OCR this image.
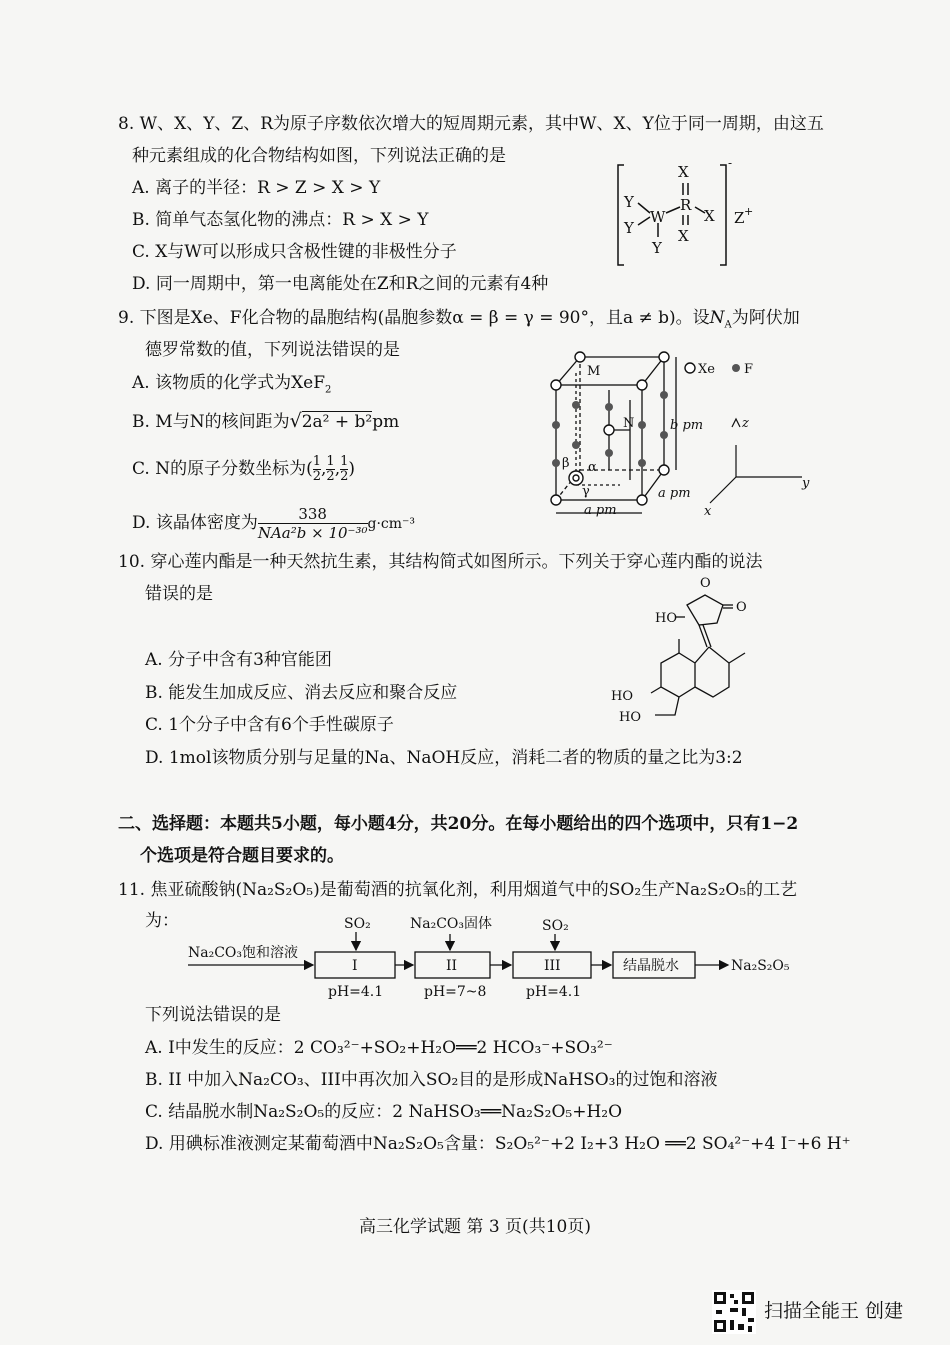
8. W、X、Y、Z、R为原子序数依次增大的短周期元素，其中W、X、Y位于同一周期，由这五
种元素组成的化合物结构如图，下列说法正确的是
A. 离子的半径：R > Z > X > Y
B. 简单气态氢化物的沸点：R > X > Y
C. X与W可以形成只含极性键的非极性分子
D. 同一周期中，第一电离能处在Z和R之间的元素有4种
X
Y
Y
W
R
X
X
Y
Z +
-
9. 下图是Xe、F化合物的晶胞结构(晶胞参数α = β = γ = 90°，且a ≠ b)。设$N_A$为阿伏加
德罗常数的值，下列说法错误的是
A. 该物质的化学式为XeF$_2$
B. M与N的核间距为√2a² + b²pm
C. N的原子分数坐标为( $\frac{1}{2}$, $\frac{1}{2}$, $\frac{1}{2}$)
D. 该晶体密度为	338
NAa²b × 10⁻³⁰g·cm⁻³
M
N
Xe F
b pm
a pm
a pm
α
β
γ
x
y
z
10. 穿心莲内酯是一种天然抗生素，其结构简式如图所示。下列关于穿心莲内酯的说法
错误的是
A. 分子中含有3种官能团
B. 能发生加成反应、消去反应和聚合反应
C. 1个分子中含有6个手性碳原子
D. 1mol该物质分别与足量的Na、NaOH反应，消耗二者的物质的量之比为3:2
O
O
HO
HO
HO
二、选择题：本题共5小题，每小题4分，共20分。在每小题给出的四个选项中，只有1−2
个选项是符合题目要求的。
11. 焦亚硫酸钠(Na₂S₂O₅)是葡萄酒的抗氧化剂，利用烟道气中的SO₂生产Na₂S₂O₅的工艺
为：
Na₂CO₃饱和溶液
SO₂	Na₂CO₃固体	SO₂
I	II	III	结晶脱水	Na₂S₂O₅
pH=4.1	pH=7~8	pH=4.1
下列说法错误的是
A. I中发生的反应：2 CO₃²⁻+SO₂+H₂O══2 HCO₃⁻+SO₃²⁻
B. II 中加入Na₂CO₃、III中再次加入SO₂目的是形成NaHSO₃的过饱和溶液
C. 结晶脱水制Na₂S₂O₅的反应：2 NaHSO₃══Na₂S₂O₅+H₂O
D. 用碘标准液测定某葡萄酒中Na₂S₂O₅含量：S₂O₅²⁻+2 I₂+3 H₂O ══2 SO₄²⁻+4 I⁻+6 H⁺
高三化学试题 第 3 页(共10页)
扫描全能王 创建
